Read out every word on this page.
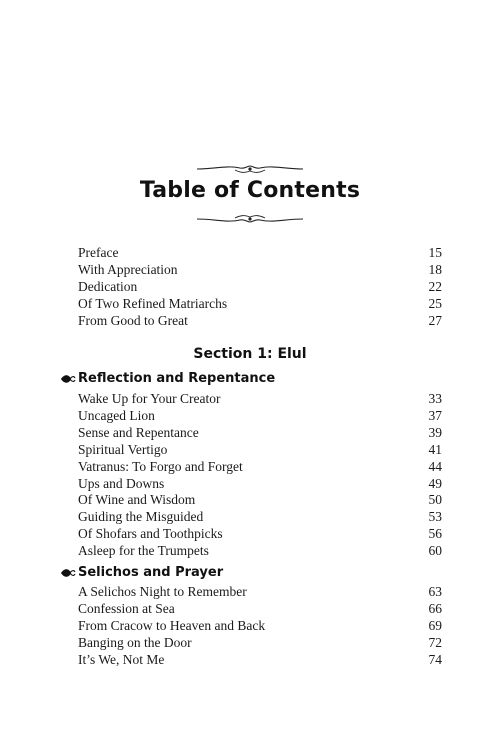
Table of Contents
Preface	15
With Appreciation	18
Dedication	22
Of Two Refined Matriarchs	25
From Good to Great	27
Section 1: Elul
Reflection and Repentance
Wake Up for Your Creator	33
Uncaged Lion	37
Sense and Repentance	39
Spiritual Vertigo	41
Vatranus: To Forgo and Forget	44
Ups and Downs	49
Of Wine and Wisdom	50
Guiding the Misguided	53
Of Shofars and Toothpicks	56
Asleep for the Trumpets	60
Selichos and Prayer
A Selichos Night to Remember	63
Confession at Sea	66
From Cracow to Heaven and Back	69
Banging on the Door	72
It’s We, Not Me	74
